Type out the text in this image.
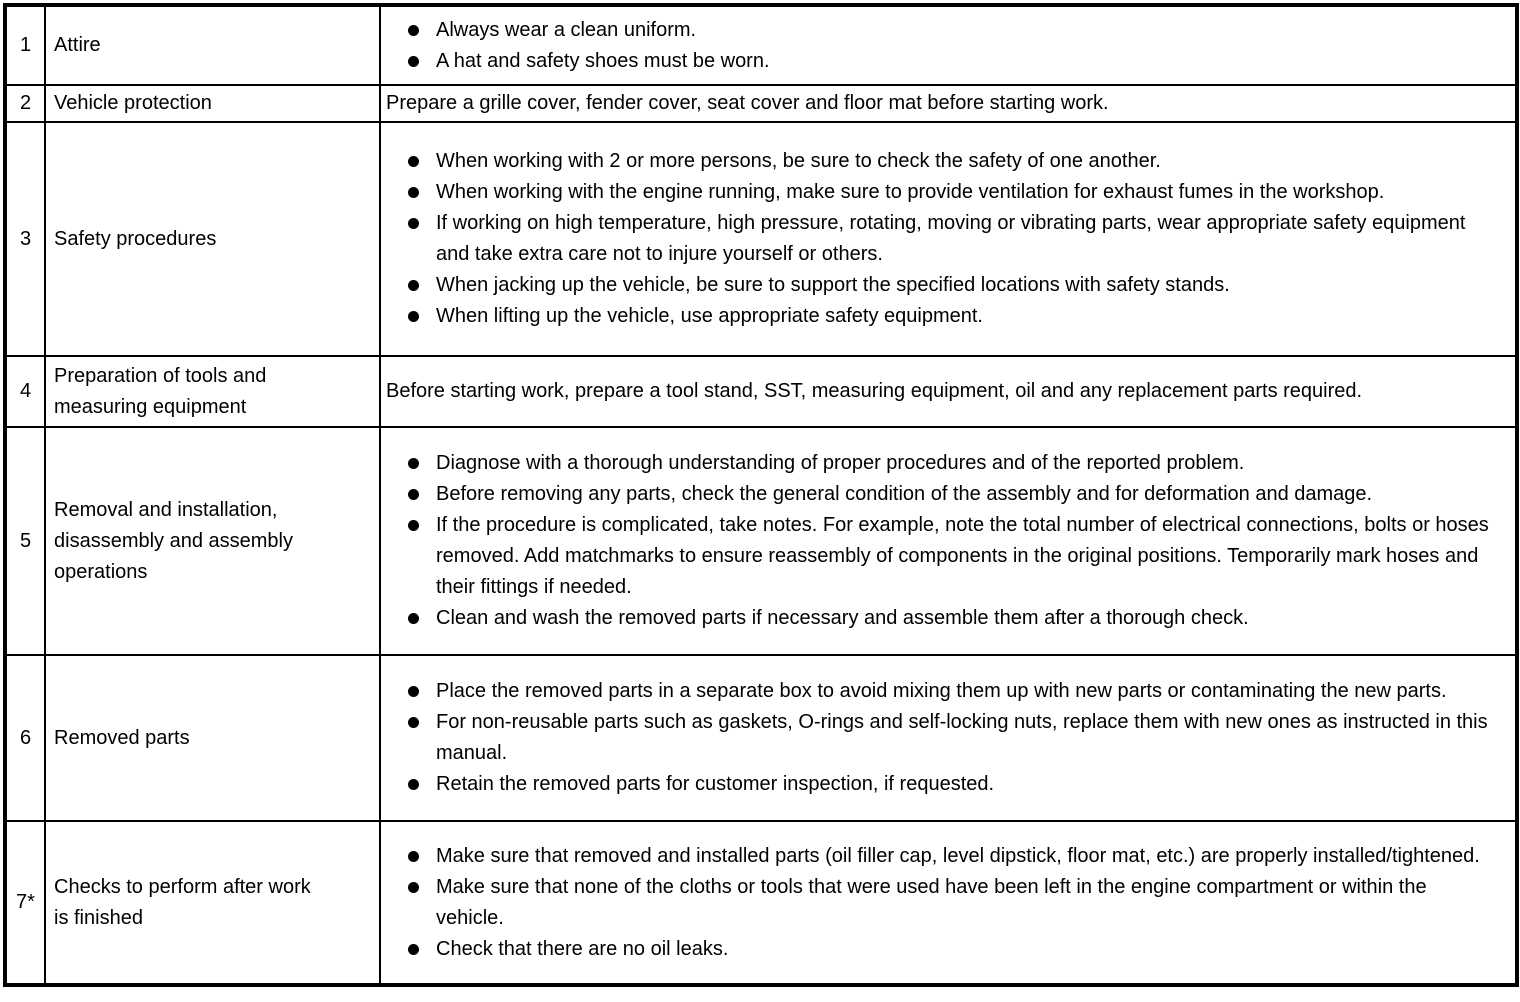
1	Attire	
Always wear a clean uniform.
A hat and safety shoes must be worn.

2	Vehicle protection	Prepare a grille cover, fender cover, seat cover and floor mat before starting work.

3	Safety procedures	
When working with 2 or more persons, be sure to check the safety of one another.
When working with the engine running, make sure to provide ventilation for exhaust fumes in the workshop.
If working on high temperature, high pressure, rotating, moving or vibrating parts, wear appropriate safety equipment and take extra care not to injure yourself or others.
When jacking up the vehicle, be sure to support the specified locations with safety stands.
When lifting up the vehicle, use appropriate safety equipment.

4	Preparation of tools and measuring equipment	Before starting work, prepare a tool stand, SST, measuring equipment, oil and any replacement parts required.

5	Removal and installation, disassembly and assembly operations	
Diagnose with a thorough understanding of proper procedures and of the reported problem.
Before removing any parts, check the general condition of the assembly and for deformation and damage.
If the procedure is complicated, take notes. For example, note the total number of electrical connections, bolts or hoses removed. Add matchmarks to ensure reassembly of components in the original positions. Temporarily mark hoses and their fittings if needed.
Clean and wash the removed parts if necessary and assemble them after a thorough check.

6	Removed parts	
Place the removed parts in a separate box to avoid mixing them up with new parts or contaminating the new parts.
For non-reusable parts such as gaskets, O-rings and self-locking nuts, replace them with new ones as instructed in this manual.
Retain the removed parts for customer inspection, if requested.

7*	Checks to perform after work is finished	
Make sure that removed and installed parts (oil filler cap, level dipstick, floor mat, etc.) are properly installed/tightened.
Make sure that none of the cloths or tools that were used have been left in the engine compartment or within the vehicle.
Check that there are no oil leaks.
